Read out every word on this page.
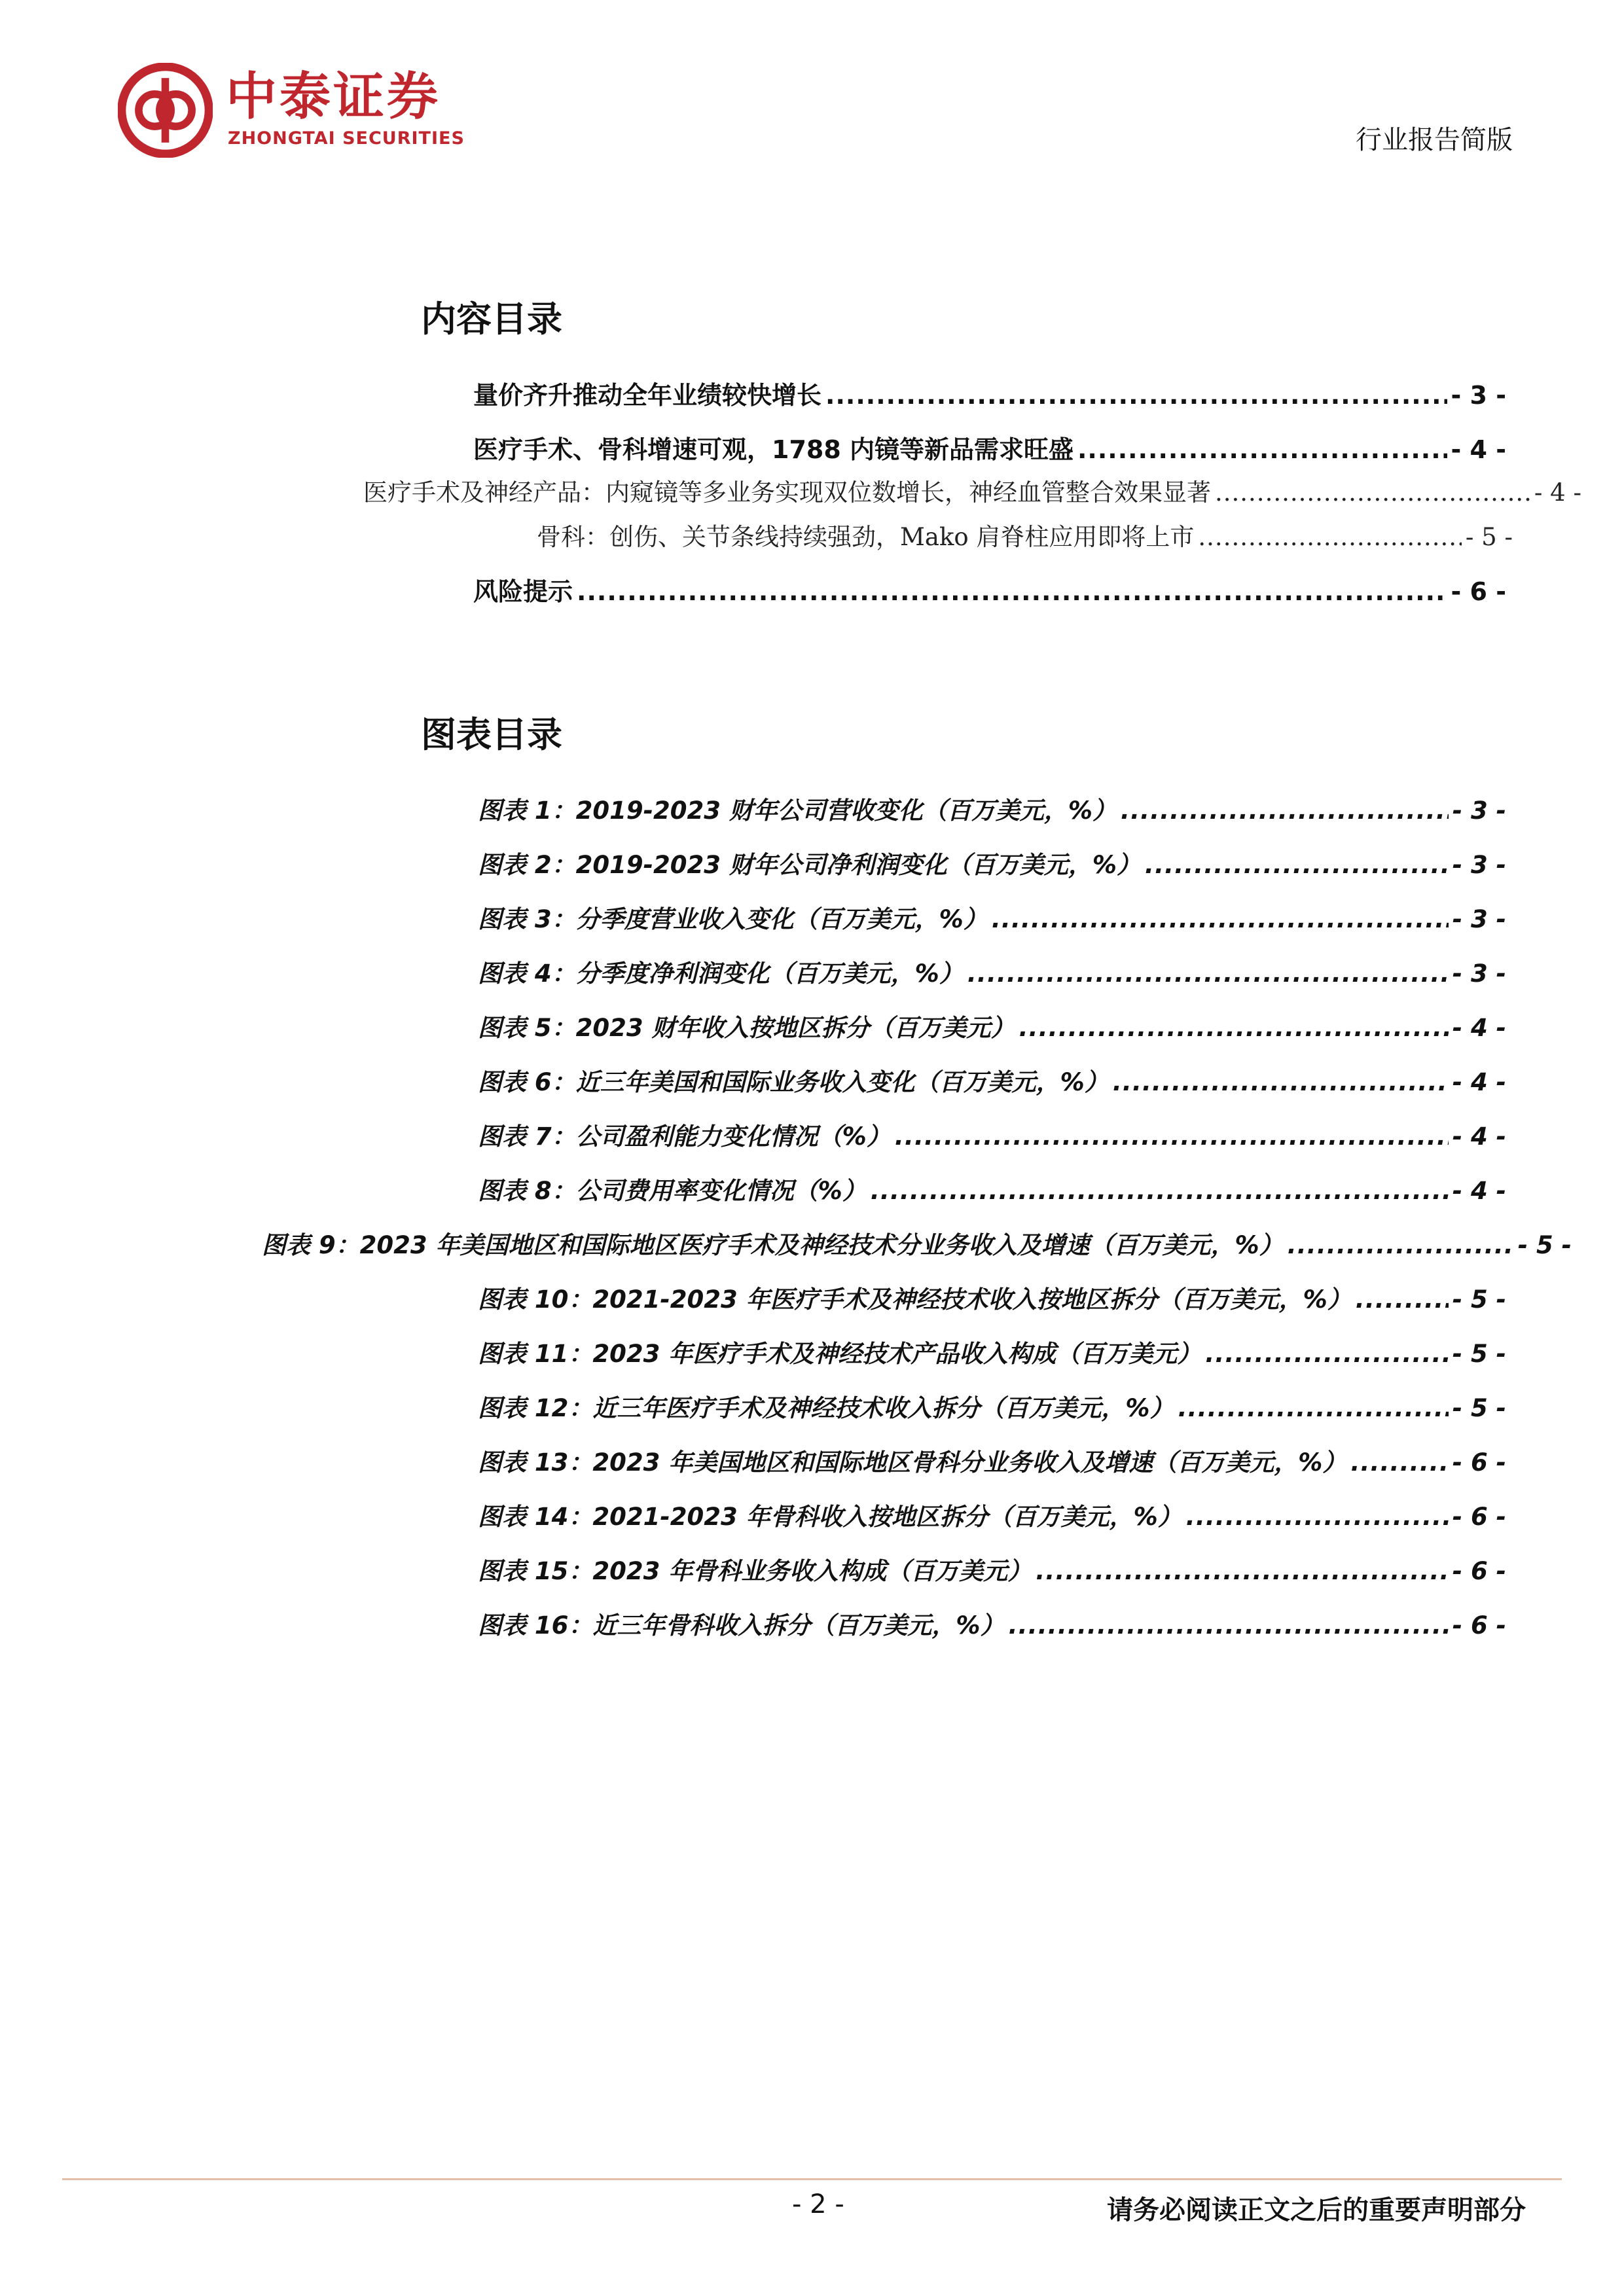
中泰证券
ZHONGTAI SECURITIES	行业报告简版
内容目录
量价齐升推动全年业绩较快增长 .....	- 3 -
医疗手术、骨科增速可观，1788 内镜等新品需求旺盛 .....	- 4 -
医疗手术及神经产品：内窥镜等多业务实现双位数增长，神经血管整合效果显著 .....	- 4 -
骨科：创伤、关节条线持续强劲，Mako 肩脊柱应用即将上市 .....	- 5 -
风险提示 .....	- 6 -
图表目录
图表 1：2019-2023 财年公司营收变化（百万美元，%） .....	- 3 -
图表 2：2019-2023 财年公司净利润变化（百万美元，%） .....	- 3 -
图表 3：分季度营业收入变化（百万美元，%） .....	- 3 -
图表 4：分季度净利润变化（百万美元，%） .....	- 3 -
图表 5：2023 财年收入按地区拆分（百万美元） .....	- 4 -
图表 6：近三年美国和国际业务收入变化（百万美元，%） .....	- 4 -
图表 7：公司盈利能力变化情况（%） .....	- 4 -
图表 8：公司费用率变化情况（%） .....	- 4 -
图表 9：2023 年美国地区和国际地区医疗手术及神经技术分业务收入及增速（百万美元，%） .....	- 5 -
图表 10：2021-2023 年医疗手术及神经技术收入按地区拆分（百万美元，%） .....	- 5 -
图表 11：2023 年医疗手术及神经技术产品收入构成（百万美元） .....	- 5 -
图表 12：近三年医疗手术及神经技术收入拆分（百万美元，%） .....	- 5 -
图表 13：2023 年美国地区和国际地区骨科分业务收入及增速（百万美元，%） .....	- 6 -
图表 14：2021-2023 年骨科收入按地区拆分（百万美元，%） .....	- 6 -
图表 15：2023 年骨科业务收入构成（百万美元） .....	- 6 -
图表 16：近三年骨科收入拆分（百万美元，%） .....	- 6 -
- 2 -	请务必阅读正文之后的重要声明部分
